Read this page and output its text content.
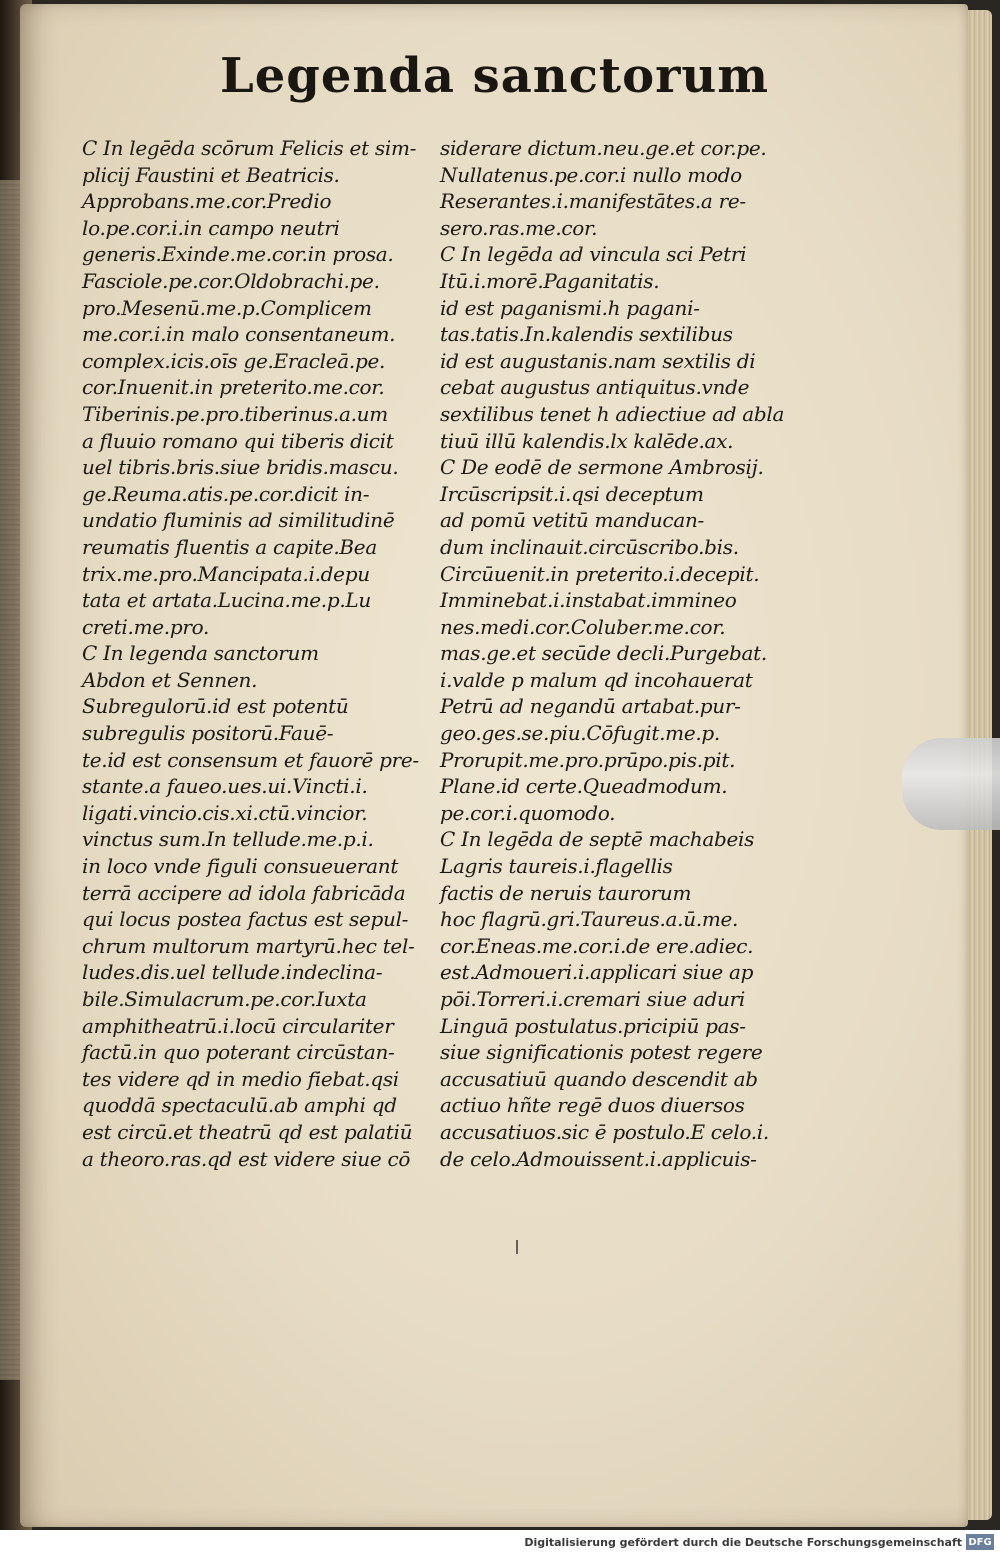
Legenda sanctorum
C In legēda scōrum Felicis et sim-
plicij Faustini et Beatricis.
Approbans.me.cor.Predio
lo.pe.cor.i.in campo neutri
generis.Exinde.me.cor.in prosa.
Fasciole.pe.cor.Oldobrachi.pe.
pro.Mesenū.me.p.Complicem
me.cor.i.in malo consentaneum.
complex.icis.oīs ge.Eracleā.pe.
cor.Inuenit.in preterito.me.cor.
Tiberinis.pe.pro.tiberinus.a.um
a fluuio romano qui tiberis dicit
uel tibris.bris.siue bridis.mascu.
ge.Reuma.atis.pe.cor.dicit in-
undatio fluminis ad similitudinē
reumatis fluentis a capite.Bea
trix.me.pro.Mancipata.i.depu
tata et artata.Lucina.me.p.Lu
creti.me.pro.
C In legenda sanctorum
Abdon et Sennen.
Subregulorū.id est potentū
subregulis positorū.Fauē-
te.id est consensum et fauorē pre-
stante.a faueo.ues.ui.Vincti.i.
ligati.vincio.cis.xi.ctū.vincior.
vinctus sum.In tellude.me.p.i.
in loco vnde figuli consueuerant
terrā accipere ad idola fabricāda
qui locus postea factus est sepul-
chrum multorum martyrū.hec tel-
ludes.dis.uel tellude.indeclina-
bile.Simulacrum.pe.cor.Iuxta
amphitheatrū.i.locū circulariter
factū.in quo poterant circūstan-
tes videre qd in medio fiebat.qsi
quoddā spectaculū.ab amphi qd
est circū.et theatrū qd est palatiū
a theoro.ras.qd est videre siue cō
siderare dictum.neu.ge.et cor.pe.
Nullatenus.pe.cor.i nullo modo
Reserantes.i.manifestātes.a re-
sero.ras.me.cor.
C In legēda ad vincula sci Petri
Itū.i.morē.Paganitatis.
id est paganismi.h pagani-
tas.tatis.In.kalendis sextilibus
id est augustanis.nam sextilis di
cebat augustus antiquitus.vnde
sextilibus tenet h adiectiue ad abla
tiuū illū kalendis.lx kalēde.ax.
C De eodē de sermone Ambrosij.
Ircūscripsit.i.qsi deceptum
ad pomū vetitū manducan-
dum inclinauit.circūscribo.bis.
Circūuenit.in preterito.i.decepit.
Imminebat.i.instabat.immineo
nes.medi.cor.Coluber.me.cor.
mas.ge.et secūde decli.Purgebat.
i.valde p malum qd incohauerat
Petrū ad negandū artabat.pur-
geo.ges.se.piu.Cōfugit.me.p.
Prorupit.me.pro.prūpo.pis.pit.
Plane.id certe.Queadmodum.
pe.cor.i.quomodo.
C In legēda de septē machabeis
Lagris taureis.i.flagellis
factis de neruis taurorum
hoc flagrū.gri.Taureus.a.ū.me.
cor.Eneas.me.cor.i.de ere.adiec.
est.Admoueri.i.applicari siue ap
pōi.Torreri.i.cremari siue aduri
Linguā postulatus.pricipiū pas-
siue significationis potest regere
accusatiuū quando descendit ab
actiuo hñte regē duos diuersos
accusatiuos.sic ē postulo.E celo.i.
de celo.Admouissent.i.applicuis-
Digitalisierung gefördert durch die Deutsche Forschungsgemeinschaft DFG
